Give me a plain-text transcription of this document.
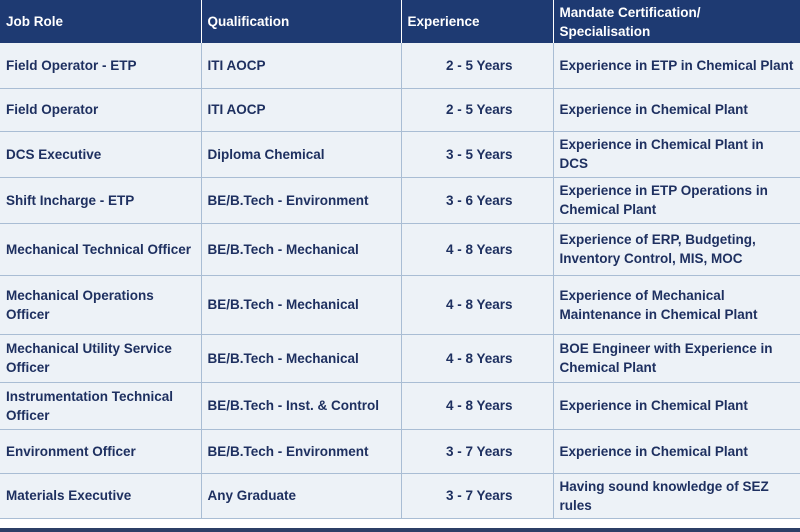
Job Role	Qualification	Experience	Mandate Certification/ Specialisation
Field Operator - ETP	ITI AOCP	2 - 5 Years	Experience in ETP in Chemical Plant
Field Operator	ITI AOCP	2 - 5 Years	Experience in Chemical Plant
DCS Executive	Diploma Chemical	3 - 5 Years	Experience in Chemical Plant in DCS
Shift Incharge - ETP	BE/B.Tech - Environment	3 - 6 Years	Experience in ETP Operations in Chemical Plant
Mechanical Technical Officer	BE/B.Tech - Mechanical	4 - 8 Years	Experience of ERP, Budgeting, Inventory Control, MIS, MOC
Mechanical Operations Officer	BE/B.Tech - Mechanical	4 - 8 Years	Experience of Mechanical Maintenance in Chemical Plant
Mechanical Utility Service Officer	BE/B.Tech - Mechanical	4 - 8 Years	BOE Engineer with Experience in Chemical Plant
Instrumentation Technical Officer	BE/B.Tech - Inst. & Control	4 - 8 Years	Experience in Chemical Plant
Environment Officer	BE/B.Tech - Environment	3 - 7 Years	Experience in Chemical Plant
Materials Executive	Any Graduate	3 - 7 Years	Having sound knowledge of SEZ rules
